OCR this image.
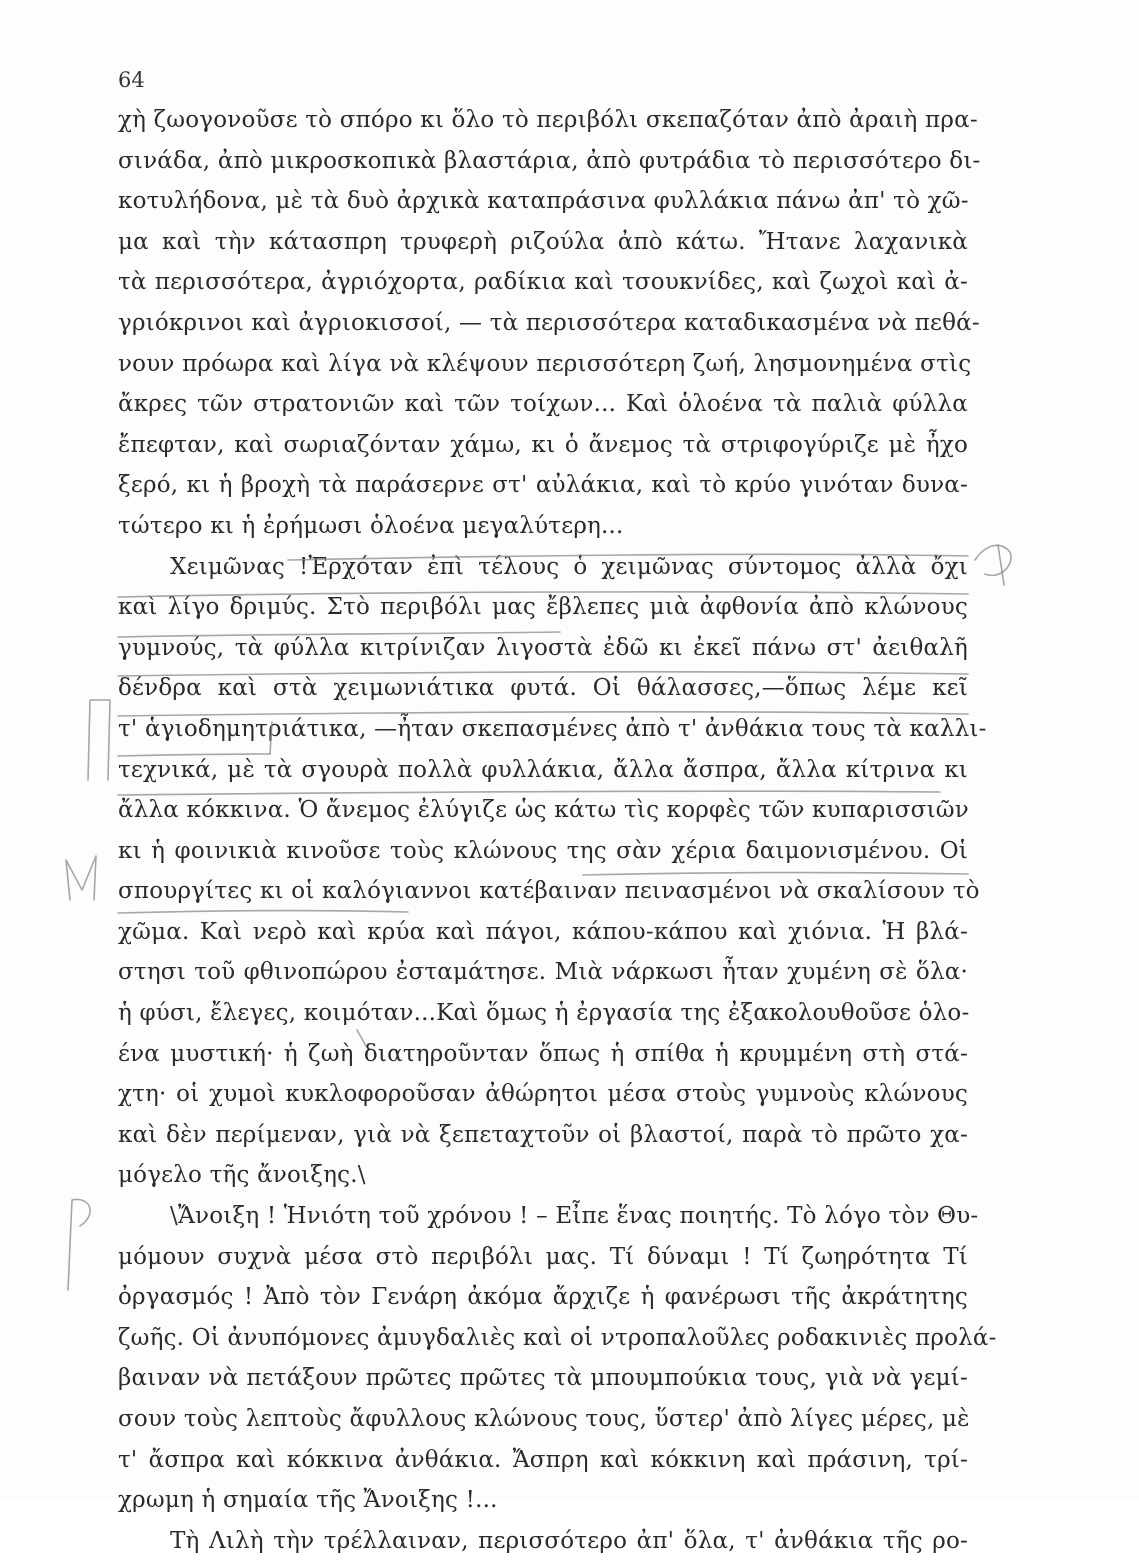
64
χὴ ζωογονοῦσε τὸ σπόρο κι ὅλο τὸ περιβόλι σκεπαζόταν ἀπὸ ἀραιὴ πρα-
σινάδα, ἀπὸ μικροσκοπικὰ βλαστάρια, ἀπὸ φυτράδια τὸ περισσότερο δι-
κοτυλήδονα, μὲ τὰ δυὸ ἀρχικὰ καταπράσινα φυλλάκια πάνω ἀπ' τὸ χῶ-
μα καὶ τὴν κάτασπρη τρυφερὴ ριζούλα ἀπὸ κάτω. Ἤτανε λαχανικὰ
τὰ περισσότερα, ἀγριόχορτα, ραδίκια καὶ τσουκνίδες, καὶ ζωχοὶ καὶ ἀ-
γριόκρινοι καὶ ἀγριοκισσοί, — τὰ περισσότερα καταδικασμένα νὰ πεθά-
νουν πρόωρα καὶ λίγα νὰ κλέψουν περισσότερη ζωή, λησμονημένα στὶς
ἄκρες τῶν στρατονιῶν καὶ τῶν τοίχων... Καὶ ὁλοένα τὰ παλιὰ φύλλα
ἔπεφταν, καὶ σωριαζόνταν χάμω, κι ὁ ἄνεμος τὰ στριφογύριζε μὲ ἦχο
ξερό, κι ἡ βροχὴ τὰ παράσερνε στ' αὐλάκια, καὶ τὸ κρύο γινόταν δυνα-
τώτερο κι ἡ ἐρήμωσι ὁλοένα μεγαλύτερη...
Χειμῶνας !Ἐρχόταν ἐπὶ τέλους ὁ χειμῶνας σύντομος ἀλλὰ ὄχι
καὶ λίγο δριμύς. Στὸ περιβόλι μας ἔβλεπες μιὰ ἀφθονία ἀπὸ κλώνους
γυμνούς, τὰ φύλλα κιτρίνιζαν λιγοστὰ ἐδῶ κι ἐκεῖ πάνω στ' ἀειθαλῆ
δένδρα καὶ στὰ χειμωνιάτικα φυτά. Οἱ θάλασσες,—ὅπως λέμε κεῖ
τ' ἁγιοδημητριάτικα, —ἦταν σκεπασμένες ἀπὸ τ' ἀνθάκια τους τὰ καλλι-
τεχνικά, μὲ τὰ σγουρὰ πολλὰ φυλλάκια, ἄλλα ἄσπρα, ἄλλα κίτρινα κι
ἄλλα κόκκινα. Ὁ ἄνεμος ἐλύγιζε ὡς κάτω τὶς κορφὲς τῶν κυπαρισσιῶν
κι ἡ φοινικιὰ κινοῦσε τοὺς κλώνους της σὰν χέρια δαιμονισμένου. Οἱ
σπουργίτες κι οἱ καλόγιαννοι κατέβαιναν πεινασμένοι νὰ σκαλίσουν τὸ
χῶμα. Καὶ νερὸ καὶ κρύα καὶ πάγοι, κάπου-κάπου καὶ χιόνια. Ἡ βλά-
στησι τοῦ φθινοπώρου ἐσταμάτησε. Μιὰ νάρκωσι ἦταν χυμένη σὲ ὅλα·
ἡ φύσι, ἔλεγες, κοιμόταν...Καὶ ὅμως ἡ ἐργασία της ἐξακολουθοῦσε ὁλο-
ένα μυστική· ἡ ζωὴ διατηροῦνταν ὅπως ἡ σπίθα ἡ κρυμμένη στὴ στά-
χτη· οἱ χυμοὶ κυκλοφοροῦσαν ἀθώρητοι μέσα στοὺς γυμνοὺς κλώνους
καὶ δὲν περίμεναν, γιὰ νὰ ξεπεταχτοῦν οἱ βλαστοί, παρὰ τὸ πρῶτο χα-
μόγελο τῆς ἄνοιξης.\
\Ἄνοιξη ! Ἡνιότη τοῦ χρόνου ! – Εἶπε ἕνας ποιητής. Τὸ λόγο τὸν Θυ-
μόμουν συχνὰ μέσα στὸ περιβόλι μας. Τί δύναμι ! Τί ζωηρότητα Τί
ὀργασμός ! Ἀπὸ τὸν Γενάρη ἀκόμα ἄρχιζε ἡ φανέρωσι τῆς ἀκράτητης
ζωῆς. Οἱ ἀνυπόμονες ἀμυγδαλιὲς καὶ οἱ ντροπαλοῦλες ροδακινιὲς προλά-
βαιναν νὰ πετάξουν πρῶτες πρῶτες τὰ μπουμπούκια τους, γιὰ νὰ γεμί-
σουν τοὺς λεπτοὺς ἄφυλλους κλώνους τους, ὕστερ' ἀπὸ λίγες μέρες, μὲ
τ' ἄσπρα καὶ κόκκινα ἀνθάκια. Ἄσπρη καὶ κόκκινη καὶ πράσινη, τρί-
χρωμη ἡ σημαία τῆς Ἄνοιξης !...
Τὴ Λιλὴ τὴν τρέλλαιναν, περισσότερο ἀπ' ὅλα, τ' ἀνθάκια τῆς ρο-
